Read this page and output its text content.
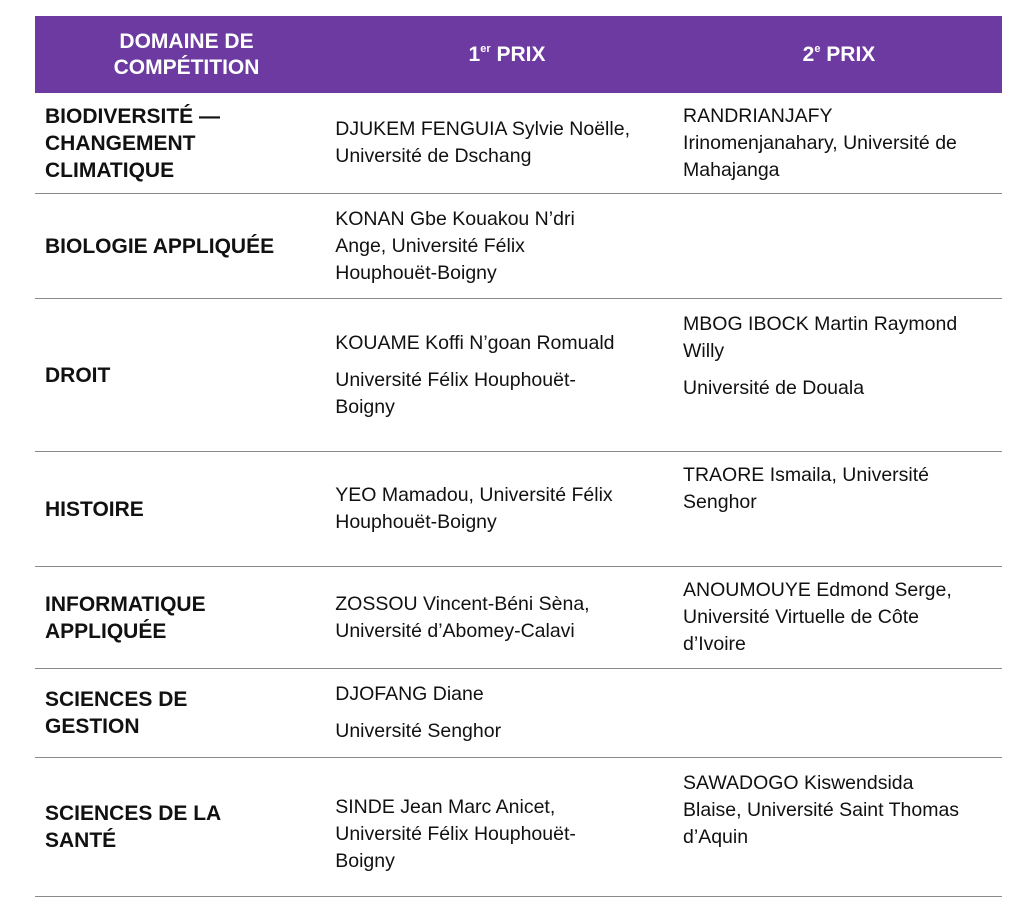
DOMAINE DE
COMPÉTITION
1er PRIX	2e PRIX
BIODIVERSITÉ —
CHANGEMENT
CLIMATIQUE
DJUKEM FENGUIA Sylvie Noëlle,
Université de Dschang
RANDRIANJAFY
Irinomenjanahary, Université de
Mahajanga
BIOLOGIE APPLIQUÉE
KONAN Gbe Kouakou N’dri
Ange, Université Félix
Houphouët-Boigny
DROIT
KOUAME Koffi N’goan Romuald
Université Félix Houphouët-
Boigny
MBOG IBOCK Martin Raymond
Willy
Université de Douala
HISTOIRE
YEO Mamadou, Université Félix
Houphouët-Boigny
TRAORE Ismaila, Université
Senghor
INFORMATIQUE
APPLIQUÉE
ZOSSOU Vincent-Béni Sèna,
Université d’Abomey-Calavi
ANOUMOUYE Edmond Serge,
Université Virtuelle de Côte
d’Ivoire
SCIENCES DE
GESTION
DJOFANG Diane
Université Senghor
SCIENCES DE LA
SANTÉ
SINDE Jean Marc Anicet,
Université Félix Houphouët-
Boigny
SAWADOGO Kiswendsida
Blaise, Université Saint Thomas
d’Aquin
